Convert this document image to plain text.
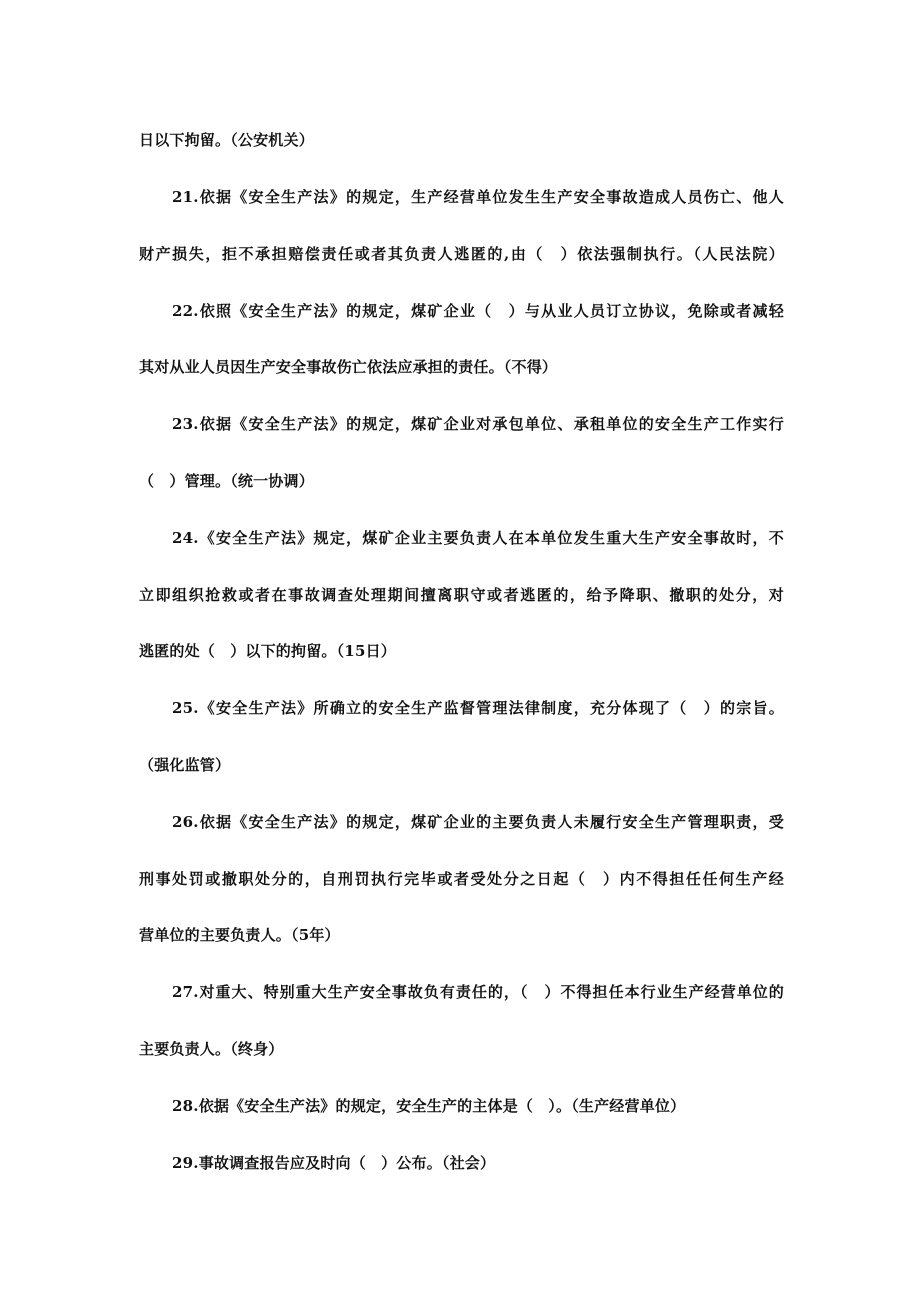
日以下拘留。（公安机关）
21.依据《安全生产法》的规定，生产经营单位发生生产安全事故造成人员伤亡、他人
财产损失，拒不承担赔偿责任或者其负责人逃匿的,由（　）依法强制执行。（人民法院）
22.依照《安全生产法》的规定，煤矿企业（　）与从业人员订立协议，免除或者减轻
其对从业人员因生产安全事故伤亡依法应承担的责任。（不得）
23.依据《安全生产法》的规定，煤矿企业对承包单位、承租单位的安全生产工作实行
（　）管理。（统一协调）
24.《安全生产法》规定，煤矿企业主要负责人在本单位发生重大生产安全事故时，不
立即组织抢救或者在事故调查处理期间擅离职守或者逃匿的，给予降职、撤职的处分，对
逃匿的处（　）以下的拘留。（15日）
25.《安全生产法》所确立的安全生产监督管理法律制度，充分体现了（　）的宗旨。
（强化监管）
26.依据《安全生产法》的规定，煤矿企业的主要负责人未履行安全生产管理职责，受
刑事处罚或撤职处分的，自刑罚执行完毕或者受处分之日起（　）内不得担任任何生产经
营单位的主要负责人。（5年）
27.对重大、特别重大生产安全事故负有责任的，（　）不得担任本行业生产经营单位的
主要负责人。（终身）
28.依据《安全生产法》的规定，安全生产的主体是（　）。（生产经营单位）
29.事故调查报告应及时向（　）公布。（社会）
